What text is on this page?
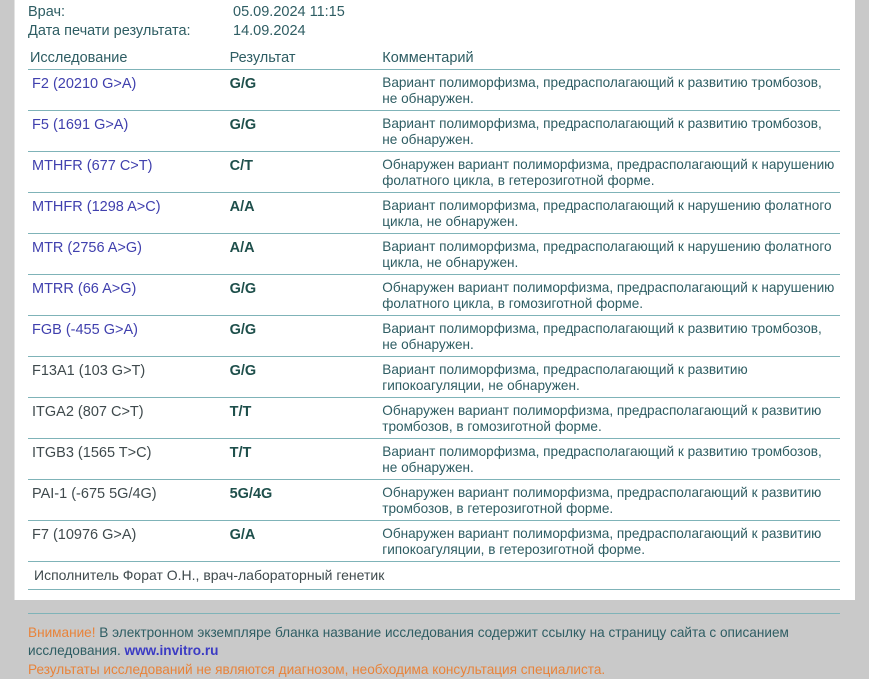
Врач:	05.09.2024 11:15
Дата печати результата:	14.09.2024
Исследование	Результат	Комментарий
F2 (20210 G>A)	G/G	Вариант полиморфизма, предрасполагающий к развитию тромбозов, не обнаружен.

F5 (1691 G>A)	G/G	Вариант полиморфизма, предрасполагающий к развитию тромбозов, не обнаружен.

MTHFR (677 C>T)	C/T	Обнаружен вариант полиморфизма, предрасполагающий к нарушению фолатного цикла, в гетерозиготной форме.

MTHFR (1298 A>C)	A/A	Вариант полиморфизма, предрасполагающий к нарушению фолатного цикла, не обнаружен.

MTR (2756 A>G)	A/A	Вариант полиморфизма, предрасполагающий к нарушению фолатного цикла, не обнаружен.

MTRR (66 A>G)	G/G	Обнаружен вариант полиморфизма, предрасполагающий к нарушению фолатного цикла, в гомозиготной форме.

FGB (-455 G>A)	G/G	Вариант полиморфизма, предрасполагающий к развитию тромбозов, не обнаружен.

F13A1 (103 G>T)	G/G	Вариант полиморфизма, предрасполагающий к развитию гипокоагуляции, не обнаружен.

ITGA2 (807 C>T)	T/T	Обнаружен вариант полиморфизма, предрасполагающий к развитию тромбозов, в гомозиготной форме.

ITGB3 (1565 T>C)	T/T	Вариант полиморфизма, предрасполагающий к развитию тромбозов, не обнаружен.

PAI-1 (-675 5G/4G)	5G/4G	Обнаружен вариант полиморфизма, предрасполагающий к развитию тромбозов, в гетерозиготной форме.

F7 (10976 G>A)	G/A	Обнаружен вариант полиморфизма, предрасполагающий к развитию гипокоагуляции, в гетерозиготной форме.
Исполнитель Форат О.Н., врач-лабораторный генетик
Внимание! В электронном экземпляре бланка название исследования содержит ссылку на страницу сайта с описанием исследования. www.invitro.ru
Результаты исследований не являются диагнозом, необходима консультация специалиста.
